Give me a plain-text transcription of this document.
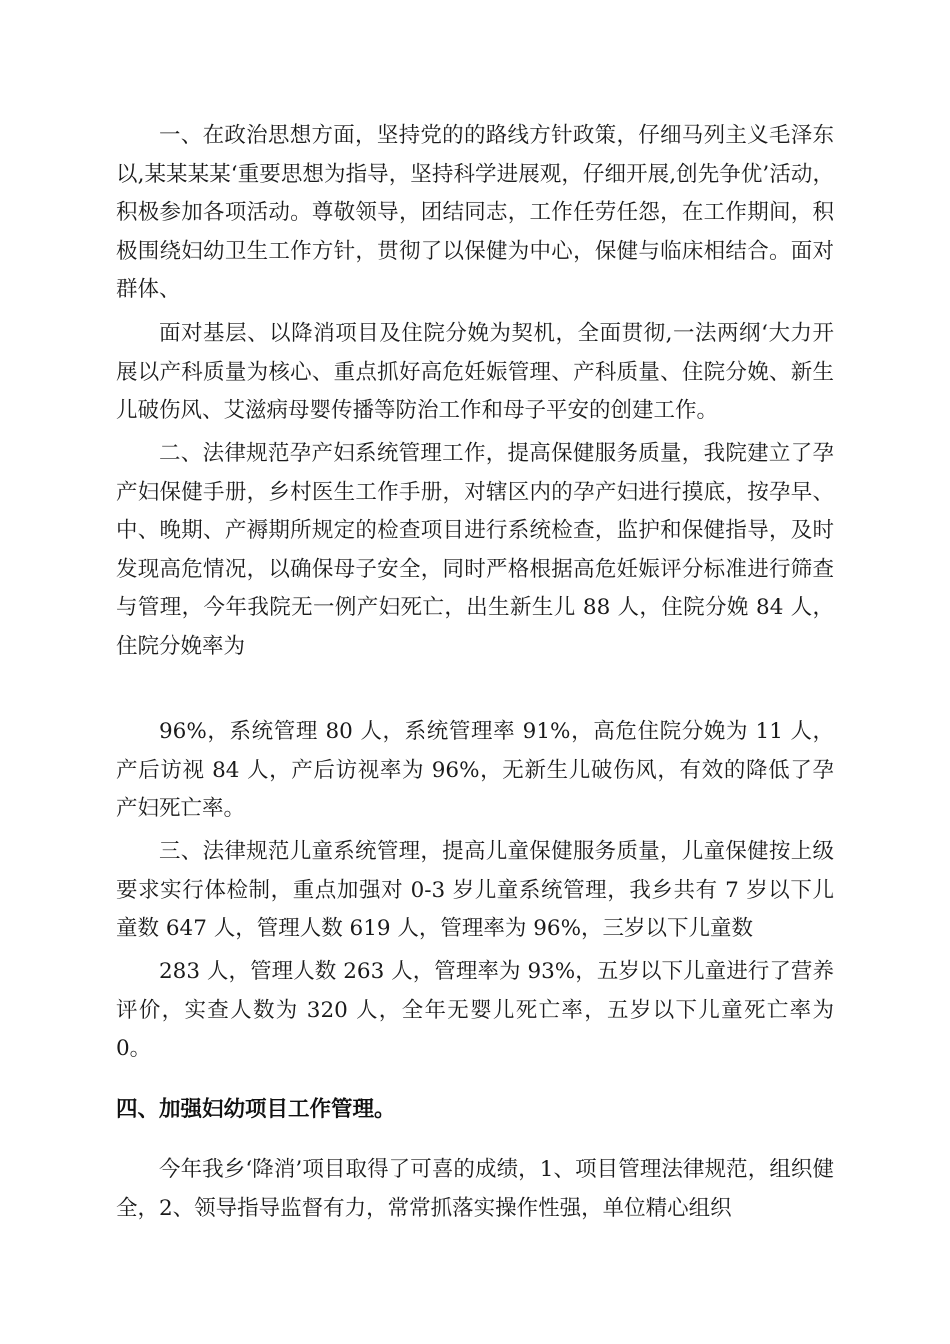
一、在政治思想方面，坚持党的的路线方针政策，仔细马列主义毛泽东以,某某某某‘重要思想为指导，坚持科学进展观，仔细开展,创先争优’活动，积极参加各项活动。尊敬领导，团结同志，工作任劳任怨，在工作期间，积极围绕妇幼卫生工作方针，贯彻了以保健为中心，保健与临床相结合。面对群体、

面对基层、以降消项目及住院分娩为契机，全面贯彻,一法两纲‘大力开展以产科质量为核心、重点抓好高危妊娠管理、产科质量、住院分娩、新生儿破伤风、艾滋病母婴传播等防治工作和母子平安的创建工作。

二、法律规范孕产妇系统管理工作，提高保健服务质量，我院建立了孕产妇保健手册，乡村医生工作手册，对辖区内的孕产妇进行摸底，按孕早、中、晚期、产褥期所规定的检查项目进行系统检查，监护和保健指导，及时发现高危情况，以确保母子安全，同时严格根据高危妊娠评分标准进行筛查与管理，今年我院无一例产妇死亡，出生新生儿 88 人，住院分娩 84 人，住院分娩率为

96%，系统管理 80 人，系统管理率 91%，高危住院分娩为 11 人，产后访视 84 人，产后访视率为 96%，无新生儿破伤风，有效的降低了孕产妇死亡率。

三、法律规范儿童系统管理，提高儿童保健服务质量，儿童保健按上级要求实行体检制，重点加强对 0-3 岁儿童系统管理，我乡共有 7 岁以下儿童数 647 人，管理人数 619 人，管理率为 96%，三岁以下儿童数

283 人，管理人数 263 人，管理率为 93%，五岁以下儿童进行了营养评价，实查人数为 320 人，全年无婴儿死亡率，五岁以下儿童死亡率为 0。

四、加强妇幼项目工作管理。

今年我乡‘降消’项目取得了可喜的成绩，1、项目管理法律规范，组织健全，2、领导指导监督有力，常常抓落实操作性强，单位精心组织
